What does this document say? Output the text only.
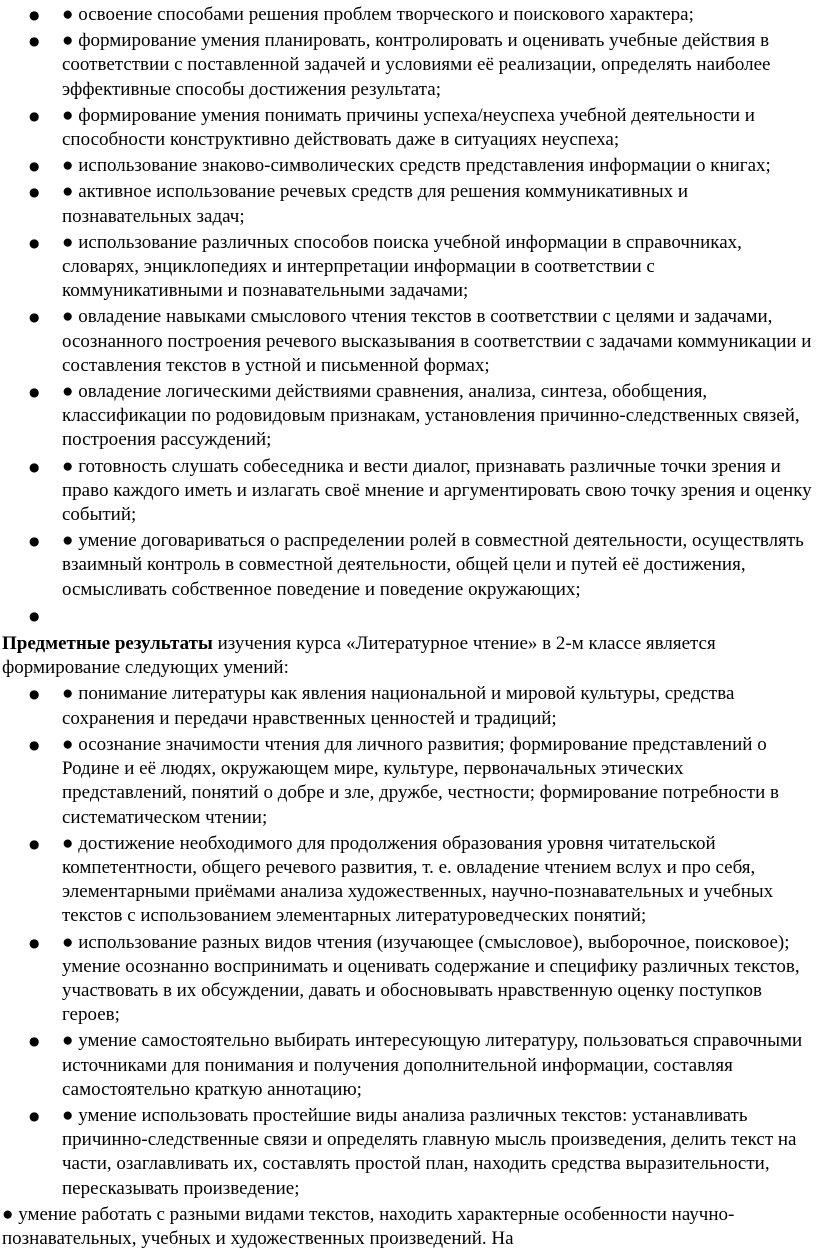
● ● освоение способами решения проблем творческого и поискового характера;
● ● формирование умения планировать, контролировать и оценивать учебные действия в соответствии с поставленной задачей и условиями её реализации, определять наиболее эффективные способы достижения результата;
● ● формирование умения понимать причины успеха/неуспеха учебной деятельности и способности конструктивно действовать даже в ситуациях неуспеха;
● ● использование знаково-символических средств представления информации о книгах;
● ● активное использование речевых средств для решения коммуникативных и познавательных задач;
● ● использование различных способов поиска учебной информации в справочниках, словарях, энциклопедиях и интерпретации информации в соответствии с коммуникативными и познавательными задачами;
● ● овладение навыками смыслового чтения текстов в соответствии с целями и задачами, осознанного построения речевого высказывания в соответствии с задачами коммуникации и составления текстов в устной и письменной формах;
● ● овладение логическими действиями сравнения, анализа, синтеза, обобщения, классификации по родовидовым признакам, установления причинно-следственных связей, построения рассуждений;
● ● готовность слушать собеседника и вести диалог, признавать различные точки зрения и право каждого иметь и излагать своё мнение и аргументировать свою точку зрения и оценку событий;
● ● умение договариваться о распределении ролей в совместной деятельности, осуществлять взаимный контроль в совместной деятельности, общей цели и путей её достижения, осмысливать собственное поведение и поведение окружающих;
●

Предметные результаты изучения курса «Литературное чтение» в 2-м классе является формирование следующих умений:

● ● понимание литературы как явления национальной и мировой культуры, средства сохранения и передачи нравственных ценностей и традиций;
● ● осознание значимости чтения для личного развития; формирование представлений о Родине и её людях, окружающем мире, культуре, первоначальных этических представлений, понятий о добре и зле, дружбе, честности; формирование потребности в систематическом чтении;
● ● достижение необходимого для продолжения образования уровня читательской компетентности, общего речевого развития, т. е. овладение чтением вслух и про себя, элементарными приёмами анализа художественных, научно-познавательных и учебных текстов с использованием элементарных литературоведческих понятий;
● ● использование разных видов чтения (изучающее (смысловое), выборочное, поисковое); умение осознанно воспринимать и оценивать содержание и специфику различных текстов, участвовать в их обсуждении, давать и обосновывать нравственную оценку поступков героев;
● ● умение самостоятельно выбирать интересующую литературу, пользоваться справочными источниками для понимания и получения дополнительной информации, составляя самостоятельно краткую аннотацию;
● ● умение использовать простейшие виды анализа различных текстов: устанавливать причинно-следственные связи и определять главную мысль произведения, делить текст на части, озаглавливать их, составлять простой план, находить средства выразительности, пересказывать произведение;

● умение работать с разными видами текстов, находить характерные особенности научно-познавательных, учебных и художественных произведений. На
